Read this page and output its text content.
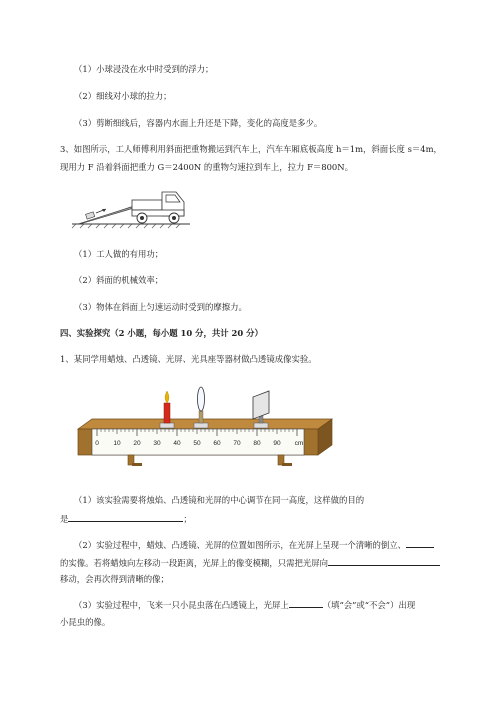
（1）小球浸没在水中时受到的浮力；
（2）细线对小球的拉力；
（3）剪断细线后，容器内水面上升还是下降，变化的高度是多少。
3、如图所示，工人师傅利用斜面把重物搬运到汽车上，汽车车厢底板高度 h＝1m，斜面长度 s＝4m，
现用力 F 沿着斜面把重力 G＝2400N 的重物匀速拉到车上，拉力 F＝800N。
（1）工人做的有用功；
（2）斜面的机械效率；
（3）物体在斜面上匀速运动时受到的摩擦力。
四、实验探究（2 小题，每小题 10 分，共计 20 分）
1、某同学用蜡烛、凸透镜、光屏、光具座等器材做凸透镜成像实验。
0 10 20 30 40 50 60 70 80 90 cm
（1）该实验需要将烛焰、凸透镜和光屏的中心调节在同一高度，这样做的目的
是	；
（2）实验过程中，蜡烛、凸透镜、光屏的位置如图所示，在光屏上呈现一个清晰的倒立、
的实像。若将蜡烛向左移动一段距离，光屏上的像变模糊，只需把光屏向
移动，会再次得到清晰的像；
（3）实验过程中，飞来一只小昆虫落在凸透镜上，光屏上	（填“会”或“不会”）出现
小昆虫的像。
